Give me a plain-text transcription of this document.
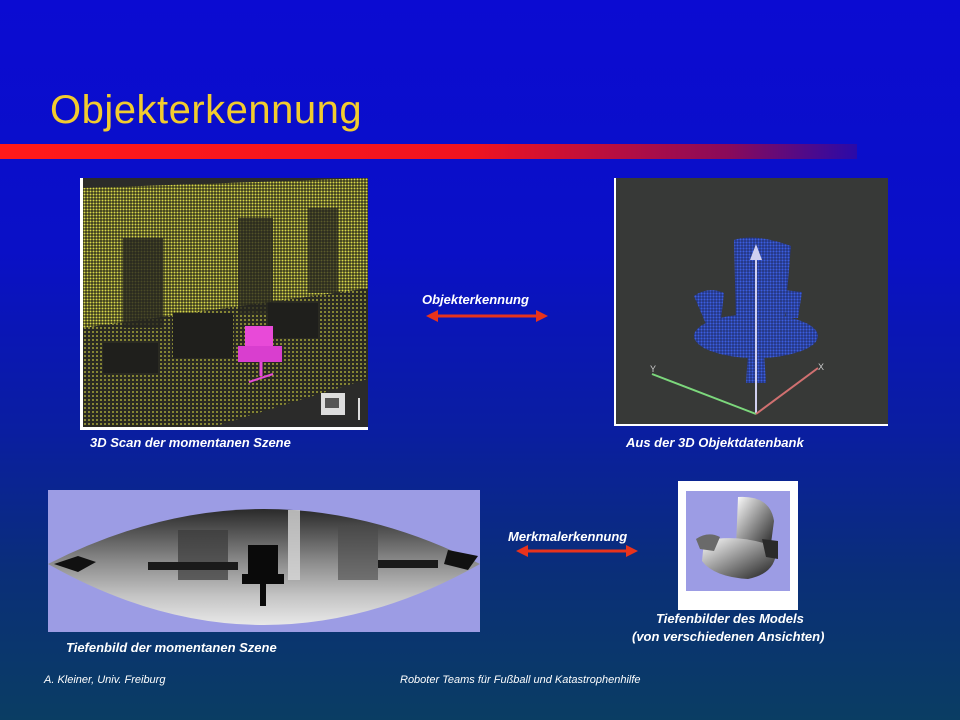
Objekterkennung
3D Scan der momentanen Szene
Objekterkennung
Y	X
Aus der 3D Objektdatenbank
Tiefenbild der momentanen Szene
Merkmalerkennung
Tiefenbilder des Models
(von verschiedenen Ansichten)
A. Kleiner, Univ. Freiburg	Roboter Teams für Fußball und Katastrophenhilfe
